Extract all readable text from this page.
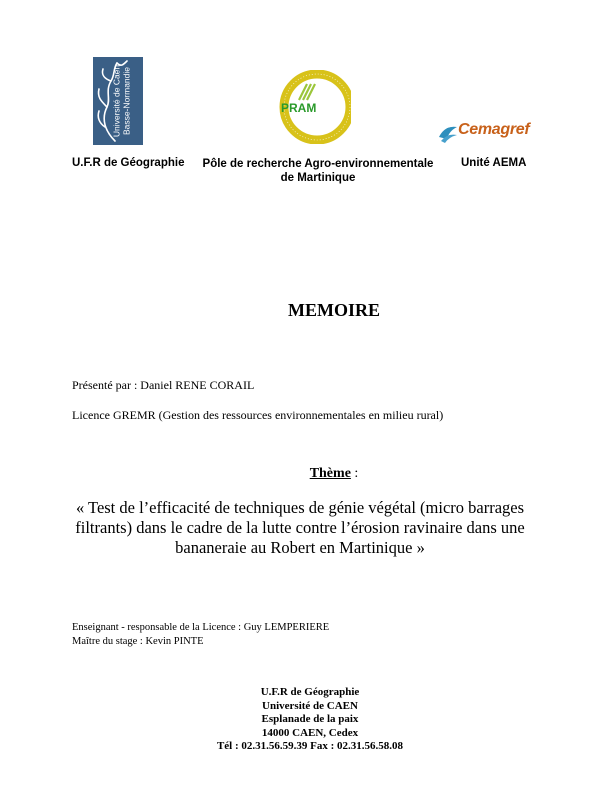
Université de Caen Basse-Normandie	PRAM
Cemagref
U.F.R de Géographie	Pôle de recherche Agro-environnementale
de Martinique
Unité AEMA
MEMOIRE
Présenté par : Daniel RENE CORAIL
Licence GREMR (Gestion des ressources environnementales en milieu rural)
Thème :
« Test de l’efficacité de techniques de génie végétal (micro barrages filtrants) dans le cadre de la lutte contre l’érosion ravinaire dans une bananeraie au Robert en Martinique »
Enseignant - responsable de la Licence : Guy LEMPERIERE
Maître du stage : Kevin PINTE
U.F.R de Géographie
Université de CAEN
Esplanade de la paix
14000 CAEN, Cedex
Tél : 02.31.56.59.39 Fax : 02.31.56.58.08
